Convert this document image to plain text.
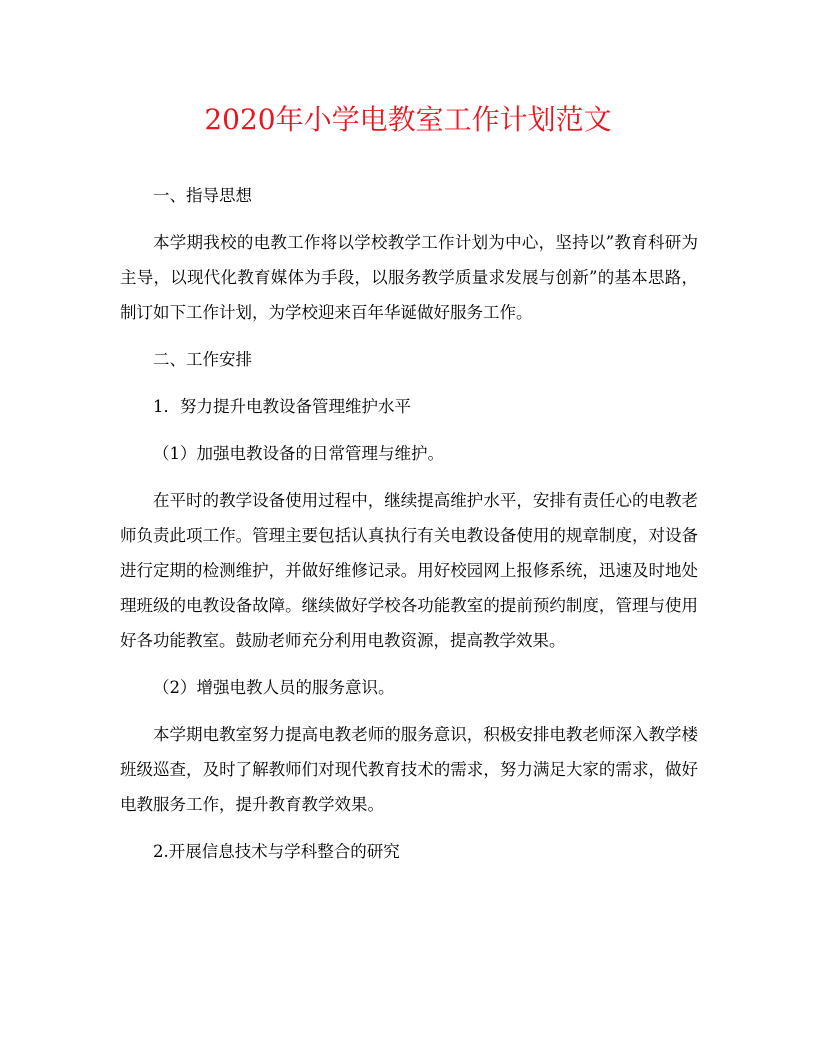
2020年小学电教室工作计划范文

一、指导思想

本学期我校的电教工作将以学校教学工作计划为中心，坚持以”教育科研为主导，以现代化教育媒体为手段，以服务教学质量求发展与创新”的基本思路，制订如下工作计划，为学校迎来百年华诞做好服务工作。

二、工作安排

1．努力提升电教设备管理维护水平

（1）加强电教设备的日常管理与维护。

在平时的教学设备使用过程中，继续提高维护水平，安排有责任心的电教老师负责此项工作。管理主要包括认真执行有关电教设备使用的规章制度，对设备进行定期的检测维护，并做好维修记录。用好校园网上报修系统，迅速及时地处理班级的电教设备故障。继续做好学校各功能教室的提前预约制度，管理与使用好各功能教室。鼓励老师充分利用电教资源，提高教学效果。

（2）增强电教人员的服务意识。

本学期电教室努力提高电教老师的服务意识，积极安排电教老师深入教学楼班级巡查，及时了解教师们对现代教育技术的需求，努力满足大家的需求，做好电教服务工作，提升教育教学效果。

2.开展信息技术与学科整合的研究
